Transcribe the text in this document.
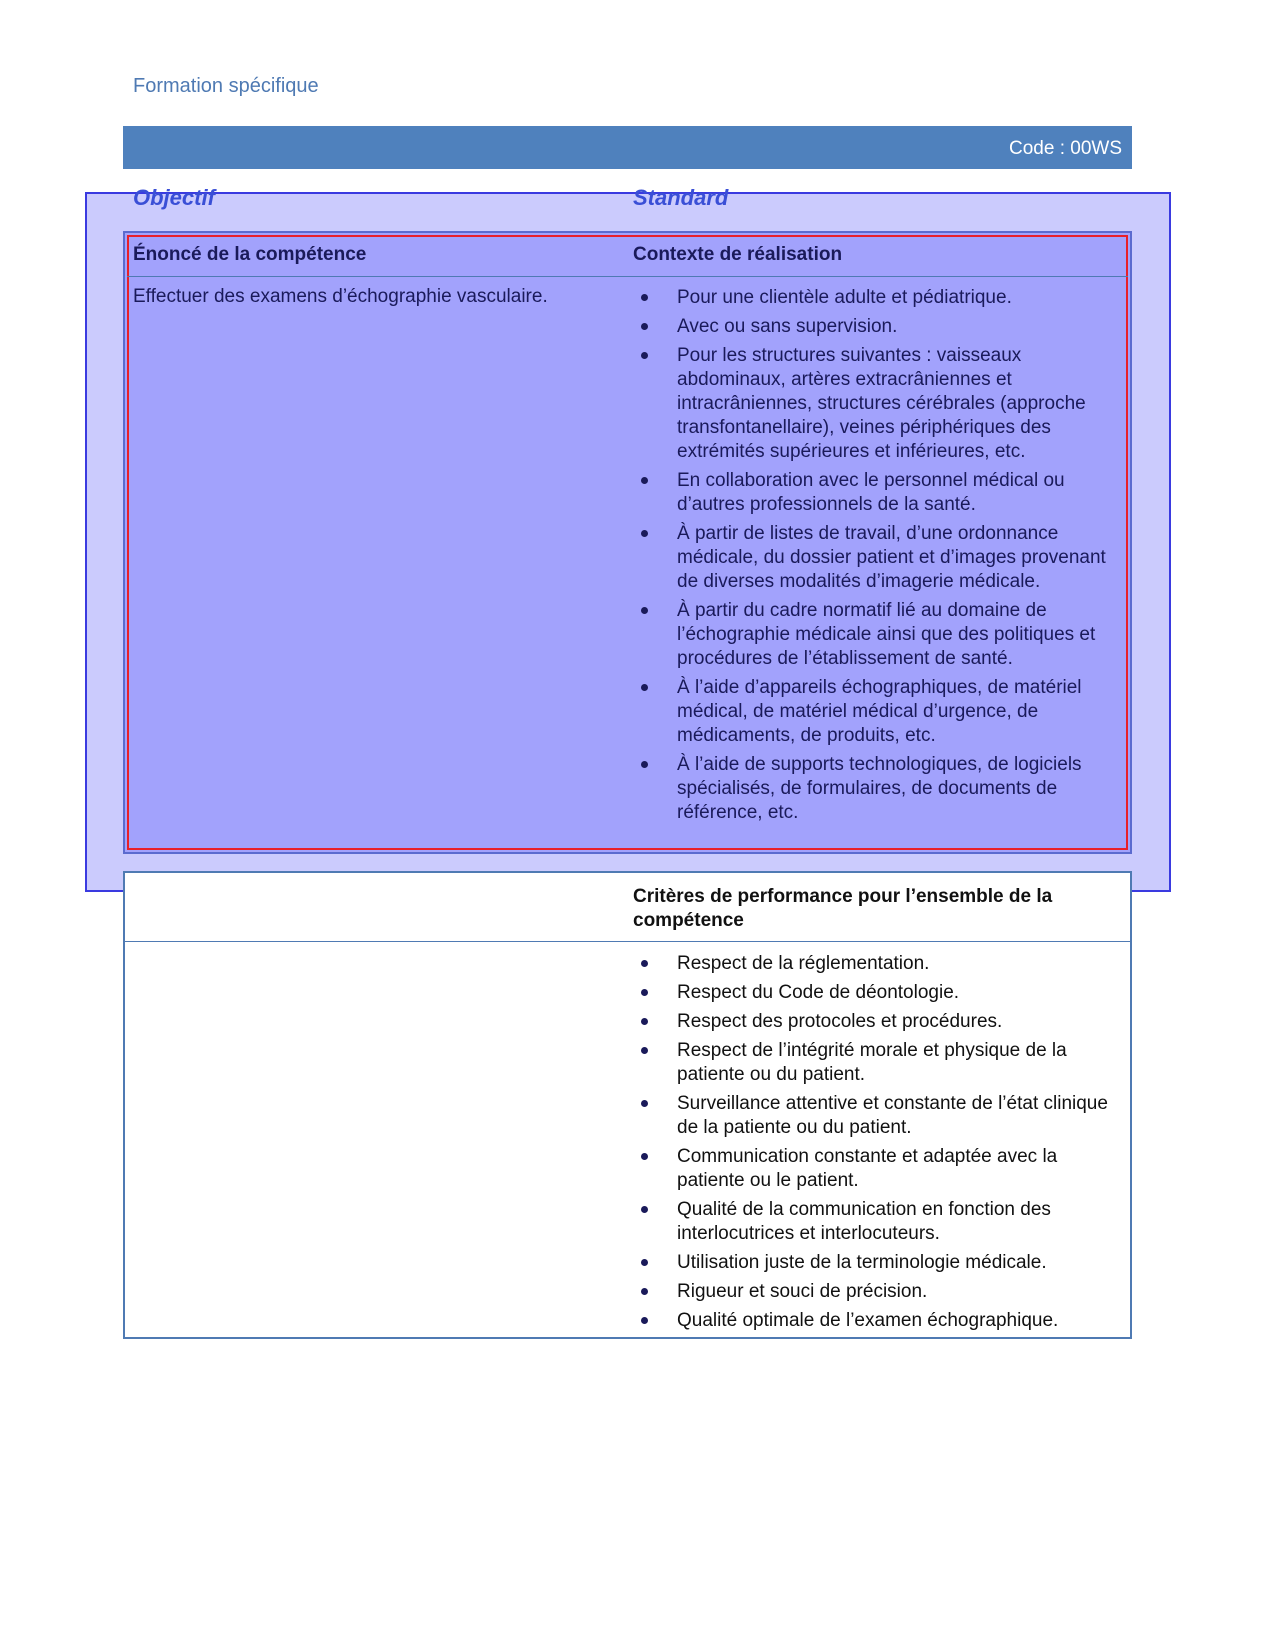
Formation spécifique
Code : 00WS
Objectif	Standard
Énoncé de la compétence	Contexte de réalisation
Effectuer des examens d’échographie vasculaire.	Pour une clientèle adulte et pédiatrique.
Avec ou sans supervision.
Pour les structures suivantes : vaisseaux abdominaux, artères extracrâniennes et intracrâniennes, structures cérébrales (approche transfontanellaire), veines périphériques des extrémités supérieures et inférieures, etc.
En collaboration avec le personnel médical ou d’autres professionnels de la santé.
À partir de listes de travail, d’une ordonnance médicale, du dossier patient et d’images provenant de diverses modalités d’imagerie médicale.
À partir du cadre normatif lié au domaine de l’échographie médicale ainsi que des politiques et procédures de l’établissement de santé.
À l’aide d’appareils échographiques, de matériel médical, de matériel médical d’urgence, de médicaments, de produits, etc.
À l’aide de supports technologiques, de logiciels spécialisés, de formulaires, de documents de référence, etc.
Critères de performance pour l’ensemble de la compétence
Respect de la réglementation.
Respect du Code de déontologie.
Respect des protocoles et procédures.
Respect de l’intégrité morale et physique de la patiente ou du patient.
Surveillance attentive et constante de l’état clinique de la patiente ou du patient.
Communication constante et adaptée avec la patiente ou le patient.
Qualité de la communication en fonction des interlocutrices et interlocuteurs.
Utilisation juste de la terminologie médicale.
Rigueur et souci de précision.
Qualité optimale de l’examen échographique.
